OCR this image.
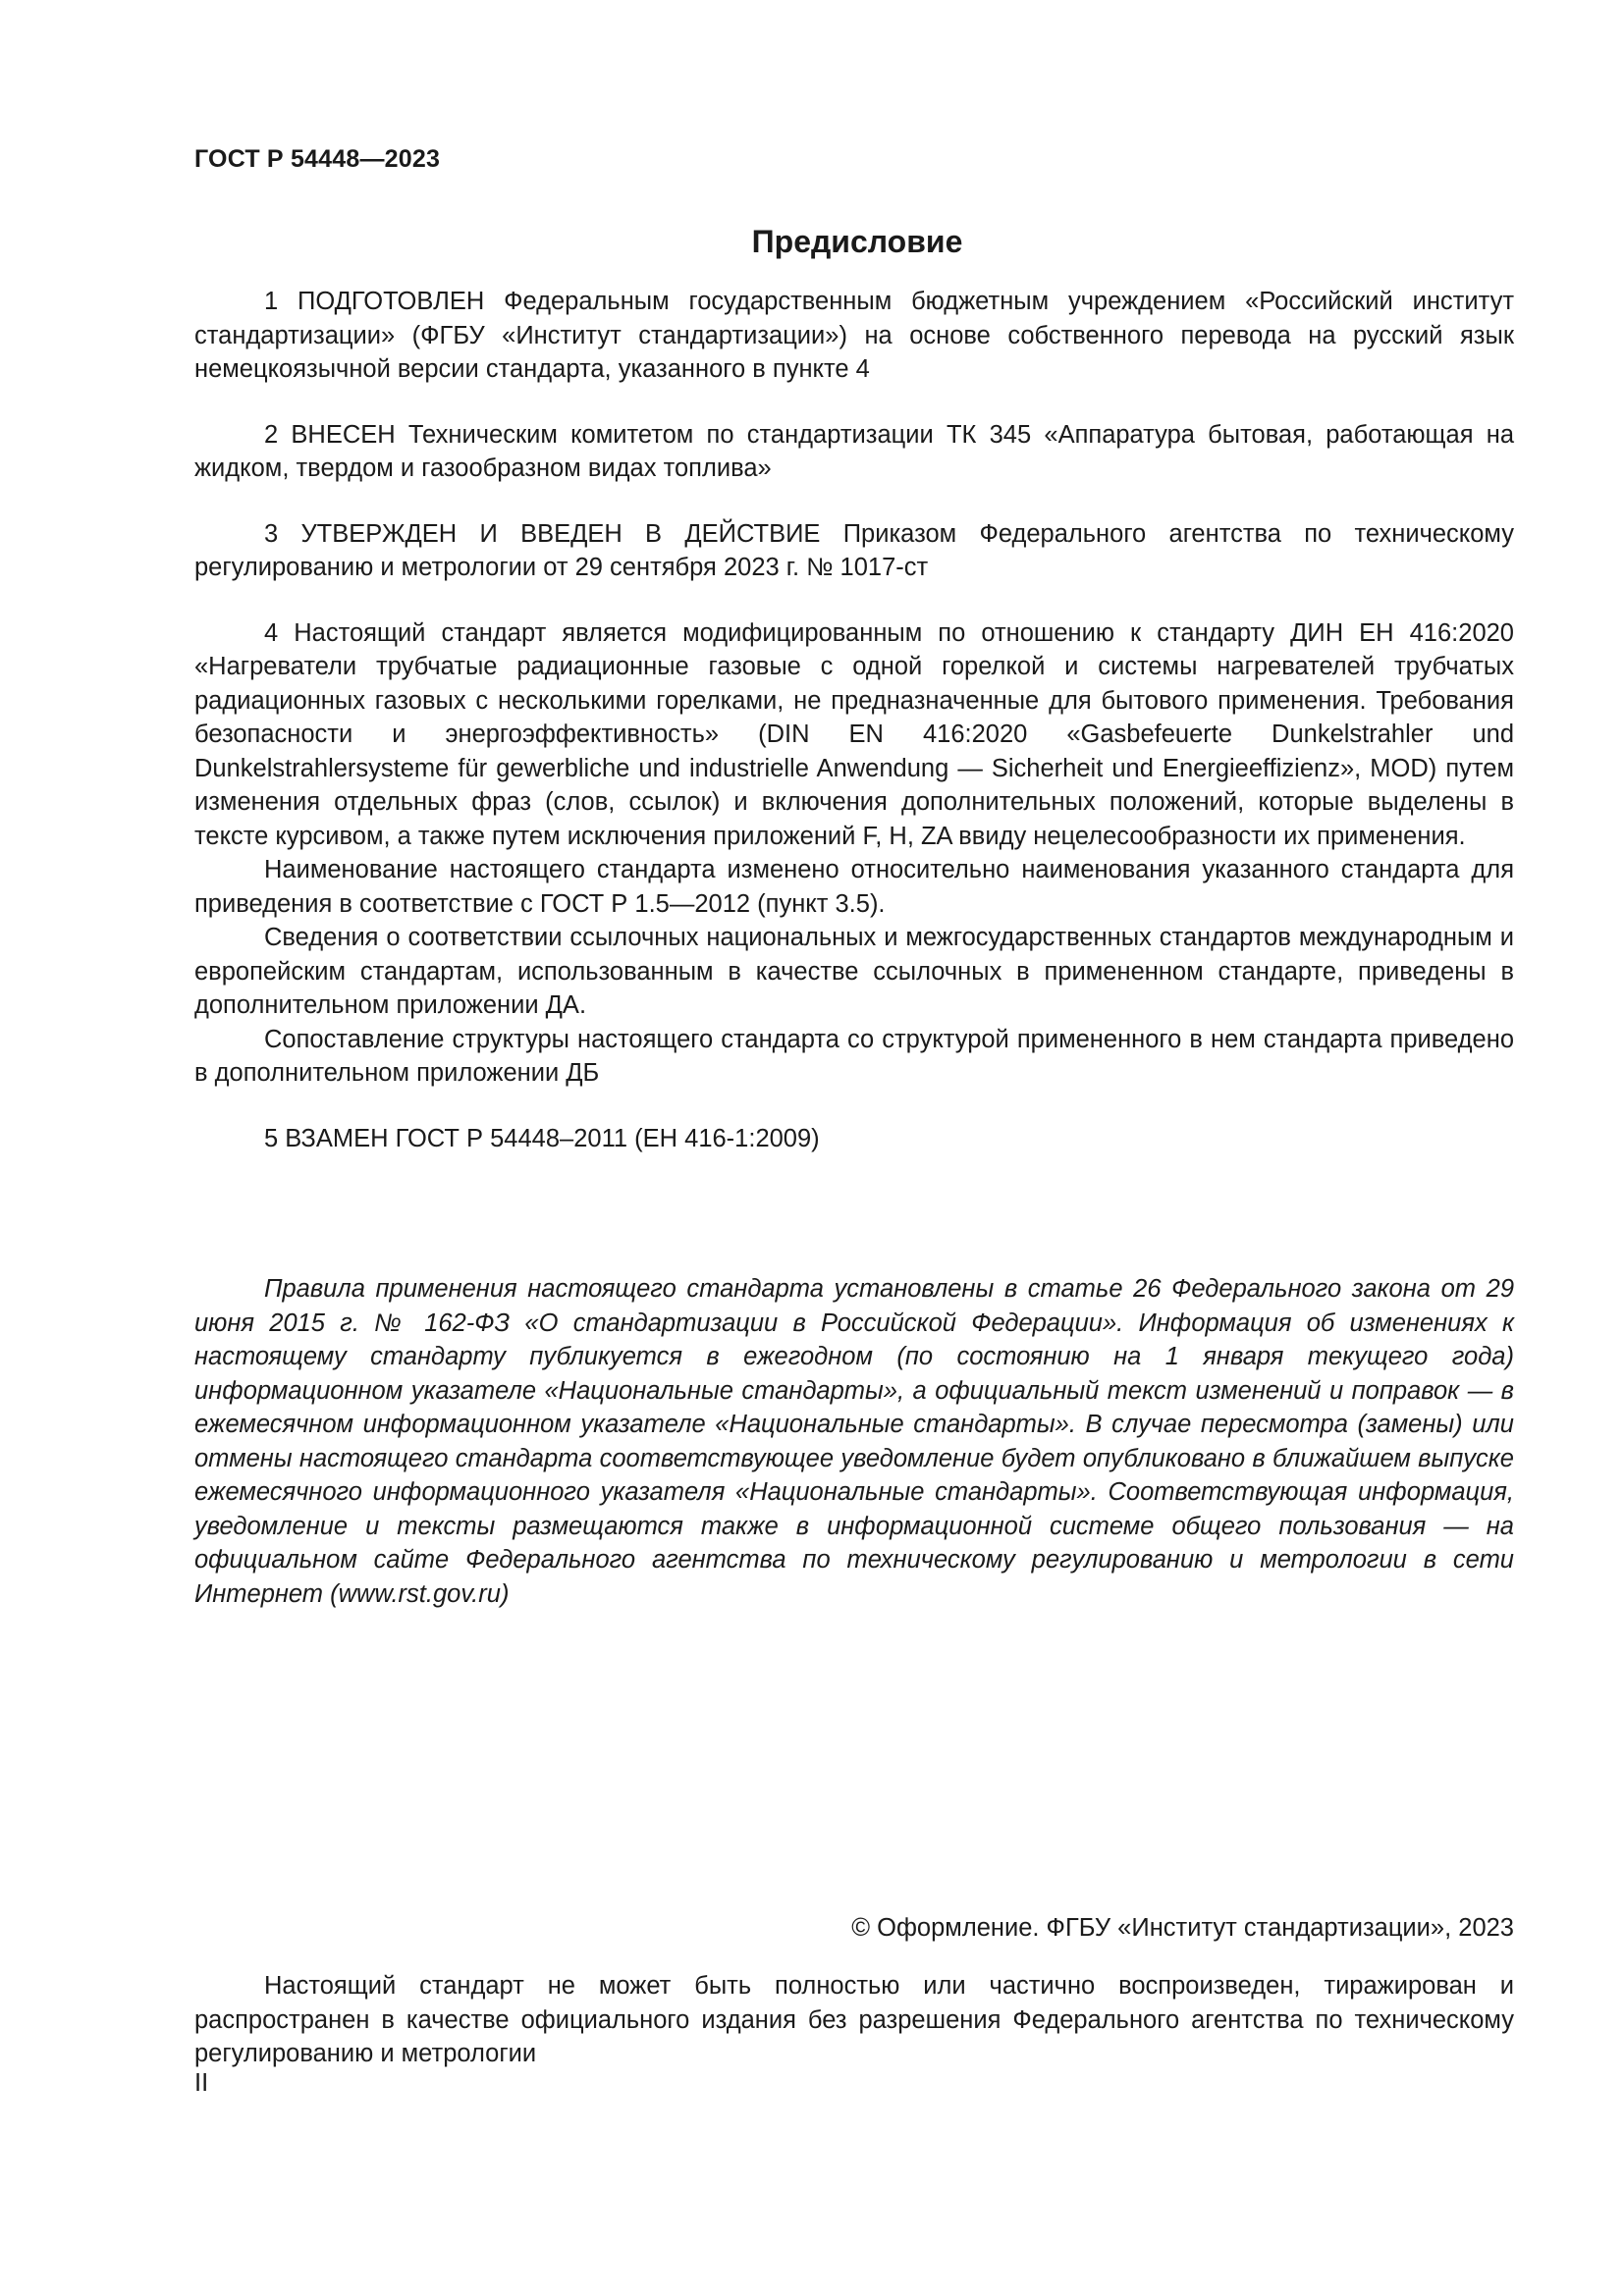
ГОСТ Р 54448—2023
Предисловие

1 ПОДГОТОВЛЕН Федеральным государственным бюджетным учреждением «Российский институт стандартизации» (ФГБУ «Институт стандартизации») на основе собственного перевода на русский язык немецкоязычной версии стандарта, указанного в пункте 4

2 ВНЕСЕН Техническим комитетом по стандартизации ТК 345 «Аппаратура бытовая, работающая на жидком, твердом и газообразном видах топлива»

3 УТВЕРЖДЕН И ВВЕДЕН В ДЕЙСТВИЕ Приказом Федерального агентства по техническому регулированию и метрологии от 29 сентября 2023 г. № 1017-ст

4 Настоящий стандарт является модифицированным по отношению к стандарту ДИН ЕН 416:2020 «Нагреватели трубчатые радиационные газовые с одной горелкой и системы нагревателей трубчатых радиационных газовых с несколькими горелками, не предназначенные для бытового применения. Требования безопасности и энергоэффективность» (DIN EN 416:2020 «Gasbefeuerte Dunkelstrahler und Dunkelstrahlersysteme für gewerbliche und industrielle Anwendung — Sicherheit und Energieeffizienz», MOD) путем изменения отдельных фраз (слов, ссылок) и включения дополнительных положений, которые выделены в тексте курсивом, а также путем исключения приложений F, H, ZA ввиду нецелесообразности их применения.

Наименование настоящего стандарта изменено относительно наименования указанного стандарта для приведения в соответствие с ГОСТ Р 1.5—2012 (пункт 3.5).

Сведения о соответствии ссылочных национальных и межгосударственных стандартов международным и европейским стандартам, использованным в качестве ссылочных в примененном стандарте, приведены в дополнительном приложении ДА.

Сопоставление структуры настоящего стандарта со структурой примененного в нем стандарта приведено в дополнительном приложении ДБ

5 ВЗАМЕН ГОСТ Р 54448–2011 (ЕН 416-1:2009)

Правила применения настоящего стандарта установлены в статье 26 Федерального закона от 29 июня 2015 г. № 162-ФЗ «О стандартизации в Российской Федерации». Информация об изменениях к настоящему стандарту публикуется в ежегодном (по состоянию на 1 января текущего года) информационном указателе «Национальные стандарты», а официальный текст изменений и поправок — в ежемесячном информационном указателе «Национальные стандарты». В случае пересмотра (замены) или отмены настоящего стандарта соответствующее уведомление будет опубликовано в ближайшем выпуске ежемесячного информационного указателя «Национальные стандарты». Соответствующая информация, уведомление и тексты размещаются также в информационной системе общего пользования — на официальном сайте Федерального агентства по техническому регулированию и метрологии в сети Интернет (www.rst.gov.ru)

© Оформление. ФГБУ «Институт стандартизации», 2023

Настоящий стандарт не может быть полностью или частично воспроизведен, тиражирован и распространен в качестве официального издания без разрешения Федерального агентства по техническому регулированию и метрологии

II
